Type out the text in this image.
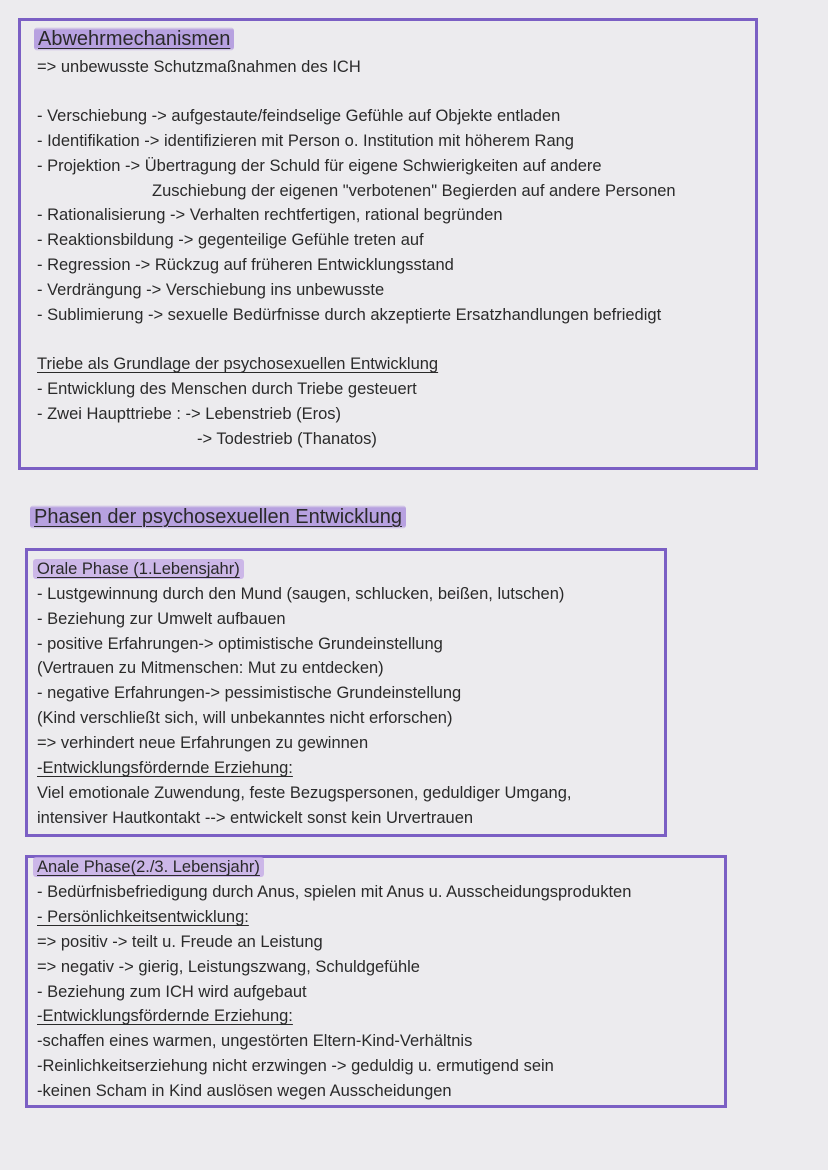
Abwehrmechanismen
=> unbewusste Schutzmaßnahmen des ICH
- Verschiebung -> aufgestaute/feindselige Gefühle auf Objekte entladen
- Identifikation -> identifizieren mit Person o. Institution mit höherem Rang
- Projektion -> Übertragung der Schuld für eigene Schwierigkeiten auf andere
Zuschiebung der eigenen "verbotenen" Begierden auf andere Personen
- Rationalisierung -> Verhalten rechtfertigen, rational begründen
- Reaktionsbildung -> gegenteilige Gefühle treten auf
- Regression -> Rückzug auf früheren Entwicklungsstand
- Verdrängung -> Verschiebung ins unbewusste
- Sublimierung -> sexuelle Bedürfnisse durch akzeptierte Ersatzhandlungen befriedigt
Triebe als Grundlage der psychosexuellen Entwicklung
- Entwicklung des Menschen durch Triebe gesteuert
- Zwei Haupttriebe : -> Lebenstrieb (Eros)
-> Todestrieb (Thanatos)
Phasen der psychosexuellen Entwicklung
Orale Phase (1.Lebensjahr)
- Lustgewinnung durch den Mund (saugen, schlucken, beißen, lutschen)
- Beziehung zur Umwelt aufbauen
- positive Erfahrungen-> optimistische Grundeinstellung
(Vertrauen zu Mitmenschen: Mut zu entdecken)
- negative Erfahrungen-> pessimistische Grundeinstellung
(Kind verschließt sich, will unbekanntes nicht erforschen)
=> verhindert neue Erfahrungen zu gewinnen
-Entwicklungsfördernde Erziehung:
Viel emotionale Zuwendung, feste Bezugspersonen, geduldiger Umgang,
intensiver Hautkontakt --> entwickelt sonst kein Urvertrauen
Anale Phase(2./3. Lebensjahr)
- Bedürfnisbefriedigung durch Anus, spielen mit Anus u. Ausscheidungsprodukten
- Persönlichkeitsentwicklung:
=> positiv -> teilt u. Freude an Leistung
=> negativ -> gierig, Leistungszwang, Schuldgefühle
- Beziehung zum ICH wird aufgebaut
-Entwicklungsfördernde Erziehung:
-schaffen eines warmen, ungestörten Eltern-Kind-Verhältnis
-Reinlichkeitserziehung nicht erzwingen -> geduldig u. ermutigend sein
-keinen Scham in Kind auslösen wegen Ausscheidungen
